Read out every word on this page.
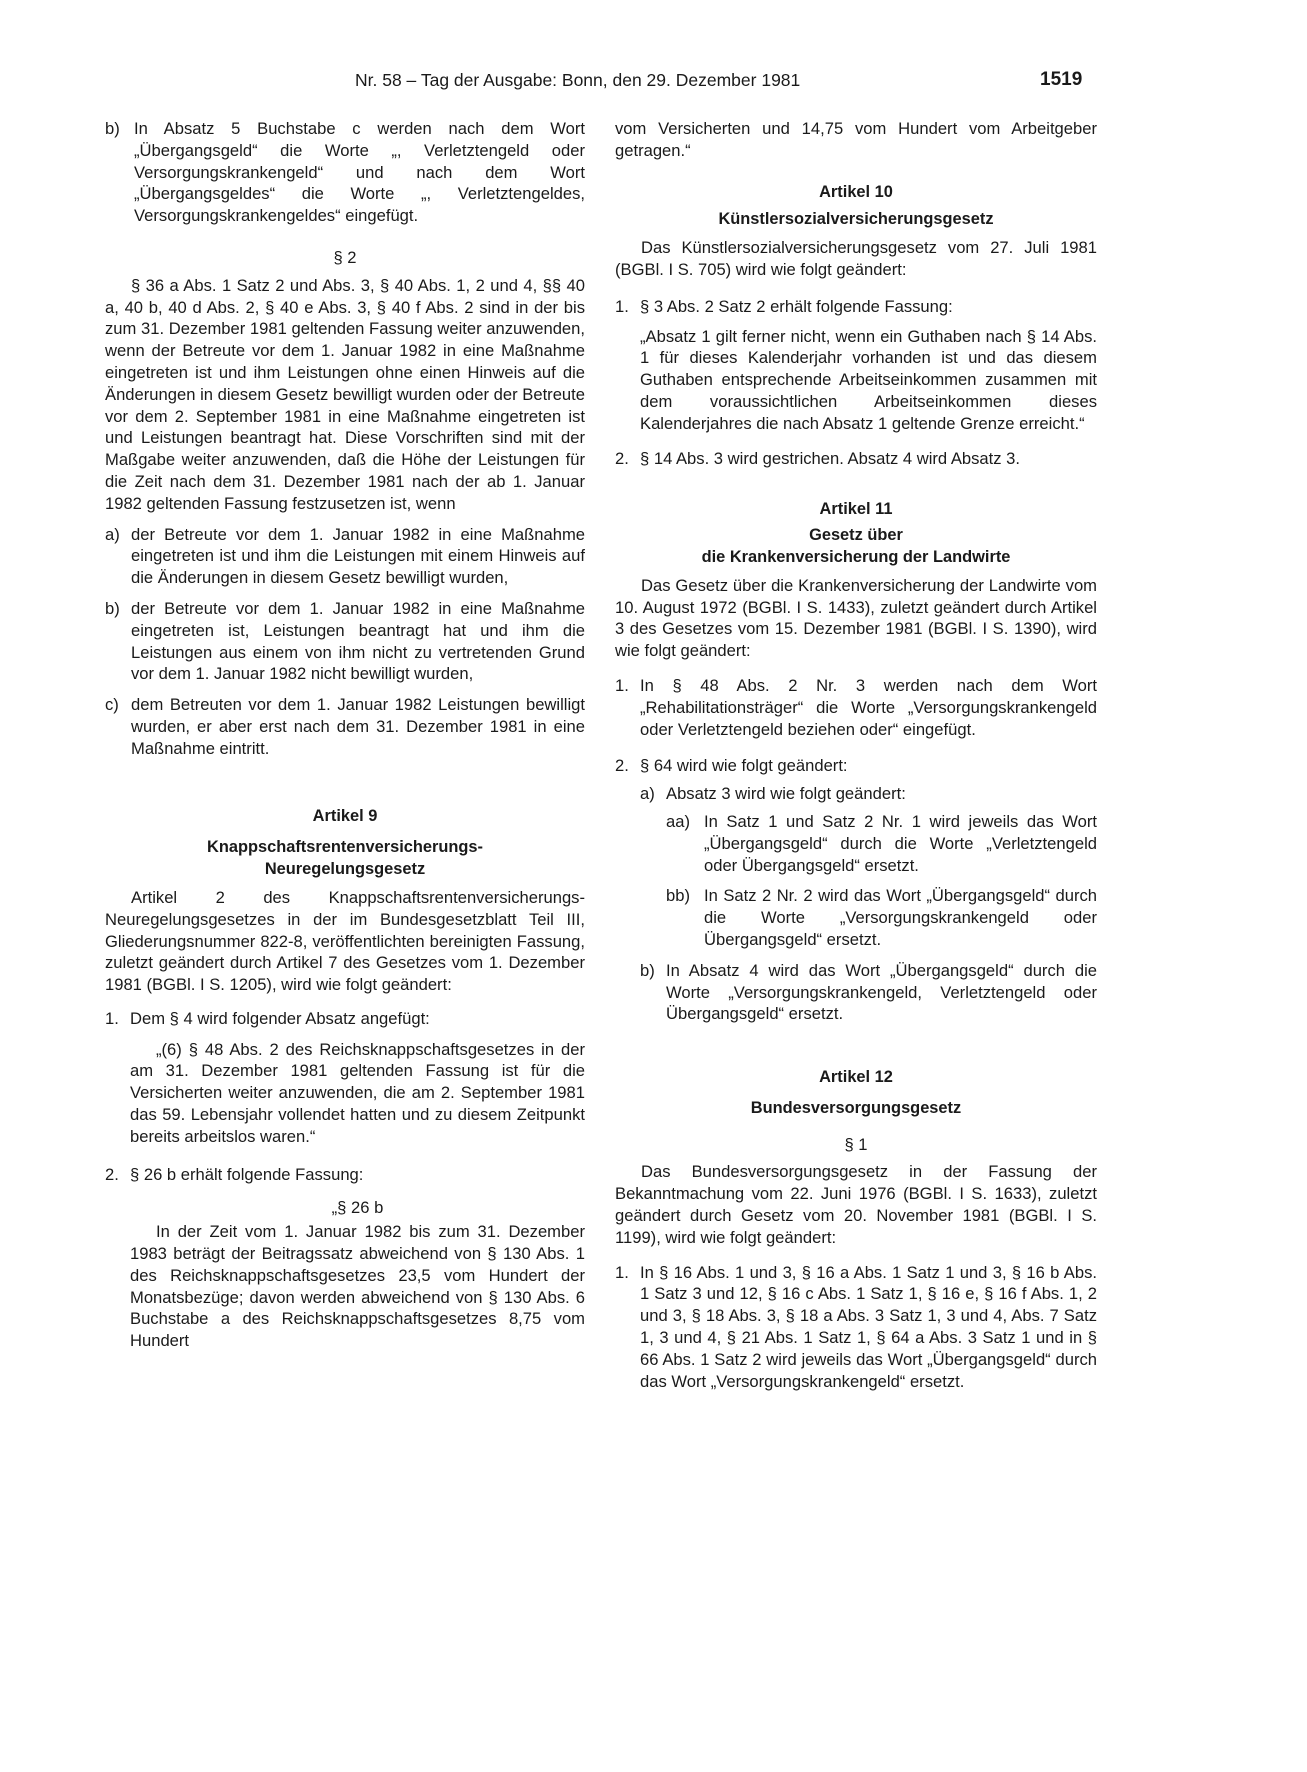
Nr. 58 – Tag der Ausgabe: Bonn, den 29. Dezember 1981	1519
b) In Absatz 5 Buchstabe c werden nach dem Wort „Übergangsgeld“ die Worte „, Verletztengeld oder Versorgungskrankengeld“ und nach dem Wort „Übergangsgeldes“ die Worte „, Verletztengeldes, Versorgungskrankengeldes“ eingefügt.

§ 2

§ 36 a Abs. 1 Satz 2 und Abs. 3, § 40 Abs. 1, 2 und 4, §§ 40 a, 40 b, 40 d Abs. 2, § 40 e Abs. 3, § 40 f Abs. 2 sind in der bis zum 31. Dezember 1981 geltenden Fassung weiter anzuwenden, wenn der Betreute vor dem 1. Januar 1982 in eine Maßnahme eingetreten ist und ihm Leistungen ohne einen Hinweis auf die Änderungen in diesem Gesetz bewilligt wurden oder der Betreute vor dem 2. September 1981 in eine Maßnahme eingetreten ist und Leistungen beantragt hat. Diese Vorschriften sind mit der Maßgabe weiter anzuwenden, daß die Höhe der Leistungen für die Zeit nach dem 31. Dezember 1981 nach der ab 1. Januar 1982 geltenden Fassung festzusetzen ist, wenn

a) der Betreute vor dem 1. Januar 1982 in eine Maßnahme eingetreten ist und ihm die Leistungen mit einem Hinweis auf die Änderungen in diesem Gesetz bewilligt wurden,
b) der Betreute vor dem 1. Januar 1982 in eine Maßnahme eingetreten ist, Leistungen beantragt hat und ihm die Leistungen aus einem von ihm nicht zu vertretenden Grund vor dem 1. Januar 1982 nicht bewilligt wurden,
c) dem Betreuten vor dem 1. Januar 1982 Leistungen bewilligt wurden, er aber erst nach dem 31. Dezember 1981 in eine Maßnahme eintritt.

Artikel 9

Knappschaftsrentenversicherungs-
Neuregelungsgesetz

Artikel 2 des Knappschaftsrentenversicherungs-Neuregelungsgesetzes in der im Bundesgesetzblatt Teil III, Gliederungsnummer 822-8, veröffentlichten bereinigten Fassung, zuletzt geändert durch Artikel 7 des Gesetzes vom 1. Dezember 1981 (BGBl. I S. 1205), wird wie folgt geändert:

1. Dem § 4 wird folgender Absatz angefügt:

„(6) § 48 Abs. 2 des Reichsknappschaftsgesetzes in der am 31. Dezember 1981 geltenden Fassung ist für die Versicherten weiter anzuwenden, die am 2. September 1981 das 59. Lebensjahr vollendet hatten und zu diesem Zeitpunkt bereits arbeitslos waren.“

2. § 26 b erhält folgende Fassung:

„§ 26 b

In der Zeit vom 1. Januar 1982 bis zum 31. Dezember 1983 beträgt der Beitragssatz abweichend von § 130 Abs. 1 des Reichsknappschaftsgesetzes 23,5 vom Hundert der Monatsbezüge; davon werden abweichend von § 130 Abs. 6 Buchstabe a des Reichsknappschaftsgesetzes 8,75 vom Hundert

vom Versicherten und 14,75 vom Hundert vom Arbeitgeber getragen.“

Artikel 10

Künstlersozialversicherungsgesetz

Das Künstlersozialversicherungsgesetz vom 27. Juli 1981 (BGBl. I S. 705) wird wie folgt geändert:

1. § 3 Abs. 2 Satz 2 erhält folgende Fassung:

„Absatz 1 gilt ferner nicht, wenn ein Guthaben nach § 14 Abs. 1 für dieses Kalenderjahr vorhanden ist und das diesem Guthaben entsprechende Arbeitseinkommen zusammen mit dem voraussichtlichen Arbeitseinkommen dieses Kalenderjahres die nach Absatz 1 geltende Grenze erreicht.“

2. § 14 Abs. 3 wird gestrichen. Absatz 4 wird Absatz 3.

Artikel 11

Gesetz über
die Krankenversicherung der Landwirte

Das Gesetz über die Krankenversicherung der Landwirte vom 10. August 1972 (BGBl. I S. 1433), zuletzt geändert durch Artikel 3 des Gesetzes vom 15. Dezember 1981 (BGBl. I S. 1390), wird wie folgt geändert:

1. In § 48 Abs. 2 Nr. 3 werden nach dem Wort „Rehabilitationsträger“ die Worte „Versorgungskrankengeld oder Verletztengeld beziehen oder“ eingefügt.
2. § 64 wird wie folgt geändert:
a) Absatz 3 wird wie folgt geändert:
aa) In Satz 1 und Satz 2 Nr. 1 wird jeweils das Wort „Übergangsgeld“ durch die Worte „Verletztengeld oder Übergangsgeld“ ersetzt.
bb) In Satz 2 Nr. 2 wird das Wort „Übergangsgeld“ durch die Worte „Versorgungskrankengeld oder Übergangsgeld“ ersetzt.
b) In Absatz 4 wird das Wort „Übergangsgeld“ durch die Worte „Versorgungskrankengeld, Verletztengeld oder Übergangsgeld“ ersetzt.

Artikel 12

Bundesversorgungsgesetz

§ 1

Das Bundesversorgungsgesetz in der Fassung der Bekanntmachung vom 22. Juni 1976 (BGBl. I S. 1633), zuletzt geändert durch Gesetz vom 20. November 1981 (BGBl. I S. 1199), wird wie folgt geändert:

1. In § 16 Abs. 1 und 3, § 16 a Abs. 1 Satz 1 und 3, § 16 b Abs. 1 Satz 3 und 12, § 16 c Abs. 1 Satz 1, § 16 e, § 16 f Abs. 1, 2 und 3, § 18 Abs. 3, § 18 a Abs. 3 Satz 1, 3 und 4, Abs. 7 Satz 1, 3 und 4, § 21 Abs. 1 Satz 1, § 64 a Abs. 3 Satz 1 und in § 66 Abs. 1 Satz 2 wird jeweils das Wort „Übergangsgeld“ durch das Wort „Versorgungskrankengeld“ ersetzt.
